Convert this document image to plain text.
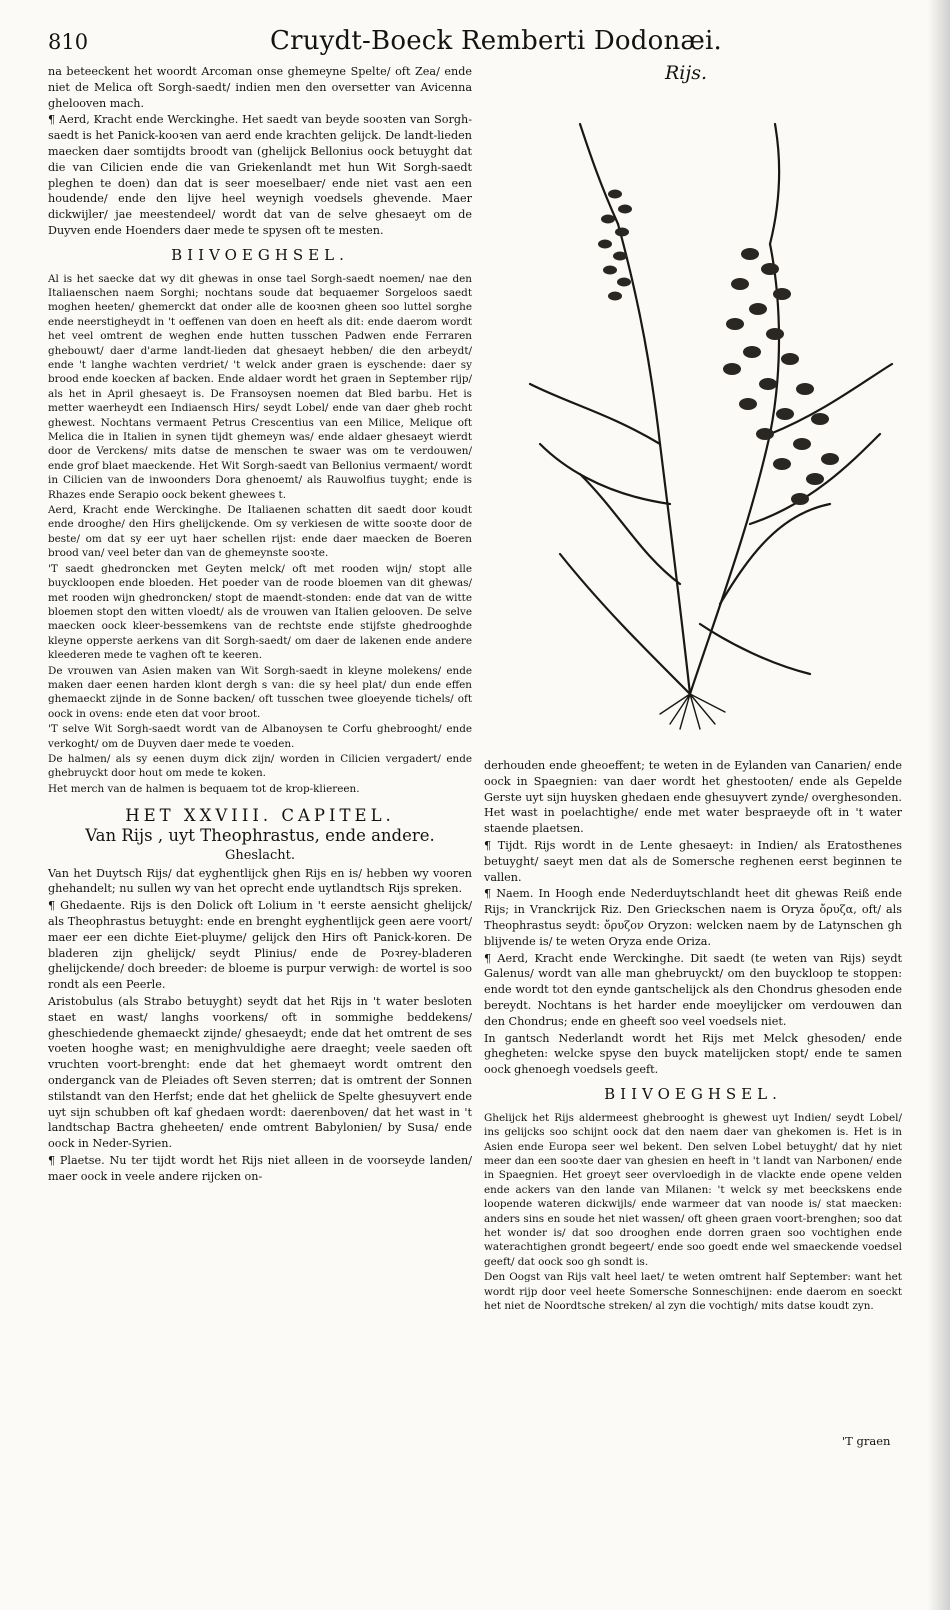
810	Cruydt-Boeck Remberti Dodonæi.

na beteeckent het woordt Arcoman onse ghemeyne Spelte/ oft Zea/ ende niet de Melica oft Sorgh-saedt/ indien men den oversetter van Avicenna ghelooven mach.

¶ Aerd, Kracht ende Werckinghe. Het saedt van beyde sooꝛten van Sorgh-saedt is het Panick-kooꝛen van aerd ende krachten gelijck. De landt-lieden maecken daer somtijdts broodt van (ghelijck Bellonius oock betuyght dat die van Cilicien ende die van Griekenlandt met hun Wit Sorgh-saedt pleghen te doen) dan dat is seer moeselbaer/ ende niet vast aen een houdende/ ende den lijve heel weynigh voedsels ghevende. Maer dickwijler/ jae meestendeel/ wordt dat van de selve ghesaeyt om de Duyven ende Hoenders daer mede te spysen oft te mesten.

BIIVOEGHSEL.

Al is het saecke dat wy dit ghewas in onse tael Sorgh-saedt noemen/ nae den Italiaenschen naem Sorghi; nochtans soude dat bequaemer Sorgeloos saedt moghen heeten/ ghemerckt dat onder alle de kooꝛnen gheen soo luttel sorghe ende neerstigheydt in 't oeffenen van doen en heeft als dit: ende daerom wordt het veel omtrent de weghen ende hutten tusschen Padwen ende Ferraren ghebouwt/ daer d'arme landt-lieden dat ghesaeyt hebben/ die den arbeydt/ ende 't langhe wachten verdriet/ 't welck ander graen is eyschende: daer sy brood ende koecken af backen. Ende aldaer wordt het graen in September rijp/ als het in April ghesaeyt is. De Fransoysen noemen dat Bled barbu. Het is metter waerheydt een Indiaensch Hirs/ seydt Lobel/ ende van daer gheb rocht ghewest. Nochtans vermaent Petrus Crescentius van een Milice, Melique oft Melica die in Italien in synen tijdt ghemeyn was/ ende aldaer ghesaeyt wierdt door de Verckens/ mits datse de menschen te swaer was om te verdouwen/ ende grof blaet maeckende. Het Wit Sorgh-saedt van Bellonius vermaent/ wordt in Cilicien van de inwoonders Dora ghenoemt/ als Rauwolfius tuyght; ende is Rhazes ende Serapio oock bekent ghewees t.

Aerd, Kracht ende Werckinghe. De Italiaenen schatten dit saedt door koudt ende drooghe/ den Hirs ghelijckende. Om sy verkiesen de witte sooꝛte door de beste/ om dat sy eer uyt haer schellen rijst: ende daer maecken de Boeren brood van/ veel beter dan van de ghemeynste sooꝛte.

'T saedt ghedroncken met Geyten melck/ oft met rooden wijn/ stopt alle buyckloopen ende bloeden. Het poeder van de roode bloemen van dit ghewas/ met rooden wijn ghedroncken/ stopt de maendt-stonden: ende dat van de witte bloemen stopt den witten vloedt/ als de vrouwen van Italien gelooven. De selve maecken oock kleer-bessemkens van de rechtste ende stijfste ghedrooghde kleyne opperste aerkens van dit Sorgh-saedt/ om daer de lakenen ende andere kleederen mede te vaghen oft te keeren.

De vrouwen van Asien maken van Wit Sorgh-saedt in kleyne molekens/ ende maken daer eenen harden klont dergh s van: die sy heel plat/ dun ende effen ghemaeckt zijnde in de Sonne backen/ oft tusschen twee gloeyende tichels/ oft oock in ovens: ende eten dat voor broot.

'T selve Wit Sorgh-saedt wordt van de Albanoysen te Corfu ghebrooght/ ende verkoght/ om de Duyven daer mede te voeden.

De halmen/ als sy eenen duym dick zijn/ worden in Cilicien vergadert/ ende ghebruyckt door hout om mede te koken.

Het merch van de halmen is bequaem tot de krop-kliereen.

HET XXVIII. CAPITEL.
Van Rijs , uyt Theophrastus, ende andere.
Gheslacht.

Van het Duytsch Rijs/ dat eyghentlijck ghen Rijs en is/ hebben wy vooren ghehandelt; nu sullen wy van het oprecht ende uytlandtsch Rijs spreken.

¶ Ghedaente. Rijs is den Dolick oft Lolium in 't eerste aensicht ghelijck/ als Theophrastus betuyght: ende en brenght eyghentlijck geen aere voort/ maer eer een dichte Eiet-pluyme/ gelijck den Hirs oft Panick-koren. De bladeren zijn ghelijck/ seydt Plinius/ ende de Poꝛrey-bladeren ghelijckende/ doch breeder: de bloeme is purpur verwigh: de wortel is soo rondt als een Peerle.

Aristobulus (als Strabo betuyght) seydt dat het Rijs in 't water besloten staet en wast/ langhs voorkens/ oft in sommighe beddekens/ gheschiedende ghemaeckt zijnde/ ghesaeydt; ende dat het omtrent de ses voeten hooghe wast; en menighvuldighe aere draeght; veele saeden oft vruchten voort-brenght: ende dat het ghemaeyt wordt omtrent den onderganck van de Pleiades oft Seven sterren; dat is omtrent der Sonnen stilstandt van den Herfst; ende dat het gheliick de Spelte ghesuyvert ende uyt sijn schubben oft kaf ghedaen wordt: daerenboven/ dat het wast in 't landtschap Bactra gheheeten/ ende omtrent Babylonien/ by Susa/ ende oock in Neder-Syrien.

¶ Plaetse. Nu ter tijdt wordt het Rijs niet alleen in de voorseyde landen/ maer oock in veele andere rijcken on-

Rijs.

derhouden ende gheoeffent; te weten in de Eylanden van Canarien/ ende oock in Spaegnien: van daer wordt het ghestooten/ ende als Gepelde Gerste uyt sijn huysken ghedaen ende ghesuyvert zynde/ overghesonden. Het wast in poelachtighe/ ende met water bespraeyde oft in 't water staende plaetsen.

¶ Tijdt. Rijs wordt in de Lente ghesaeyt: in Indien/ als Eratosthenes betuyght/ saeyt men dat als de Somersche reghenen eerst beginnen te vallen.

¶ Naem. In Hoogh ende Nederduytschlandt heet dit ghewas Reiß ende Rijs; in Vranckrijck Riz. Den Grieckschen naem is Oryza ὄρυζα, oft/ als Theophrastus seydt: ὄρυζον Oryzon: welcken naem by de Latynschen gh blijvende is/ te weten Oryza ende Oriza.

¶ Aerd, Kracht ende Werckinghe. Dit saedt (te weten van Rijs) seydt Galenus/ wordt van alle man ghebruyckt/ om den buyckloop te stoppen: ende wordt tot den eynde gantschelijck als den Chondrus ghesoden ende bereydt. Nochtans is het harder ende moeylijcker om verdouwen dan den Chondrus; ende en gheeft soo veel voedsels niet.

In gantsch Nederlandt wordt het Rijs met Melck ghesoden/ ende ghegheten: welcke spyse den buyck matelijcken stopt/ ende te samen oock ghenoegh voedsels geeft.

BIIVOEGHSEL.

Ghelijck het Rijs aldermeest ghebrooght is ghewest uyt Indien/ seydt Lobel/ ins gelijcks soo schijnt oock dat den naem daer van ghekomen is. Het is in Asien ende Europa seer wel bekent. Den selven Lobel betuyght/ dat hy niet meer dan een sooꝛte daer van ghesien en heeft in 't landt van Narbonen/ ende in Spaegnien. Het groeyt seer overvloedigh in de vlackte ende opene velden ende ackers van den lande van Milanen: 't welck sy met beeckskens ende loopende wateren dickwijls/ ende warmeer dat van noode is/ stat maecken: anders sins en soude het niet wassen/ oft gheen graen voort-brenghen; soo dat het wonder is/ dat soo drooghen ende dorren graen soo vochtighen ende waterachtighen grondt begeert/ ende soo goedt ende wel smaeckende voedsel geeft/ dat oock soo gh sondt is.

Den Oogst van Rijs valt heel laet/ te weten omtrent half September: want het wordt rijp door veel heete Somersche Sonneschijnen: ende daerom en soeckt het niet de Noordtsche streken/ al zyn die vochtigh/ mits datse koudt zyn.

'T graen
